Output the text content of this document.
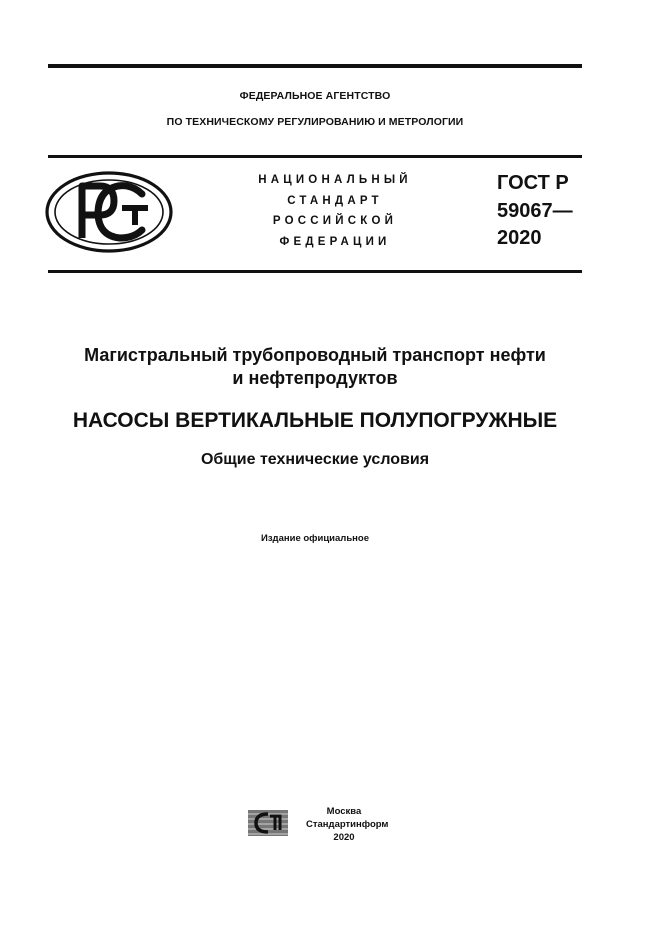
ФЕДЕРАЛЬНОЕ АГЕНТСТВО
ПО ТЕХНИЧЕСКОМУ РЕГУЛИРОВАНИЮ И МЕТРОЛОГИИ
НАЦИОНАЛЬНЫЙ
СТАНДАРТ
РОССИЙСКОЙ
ФЕДЕРАЦИИ
ГОСТ Р
59067—
2020
Магистральный трубопроводный транспорт нефти
и нефтепродуктов
НАСОСЫ ВЕРТИКАЛЬНЫЕ ПОЛУПОГРУЖНЫЕ
Общие технические условия
Издание официальное
Москва
Стандартинформ
2020
